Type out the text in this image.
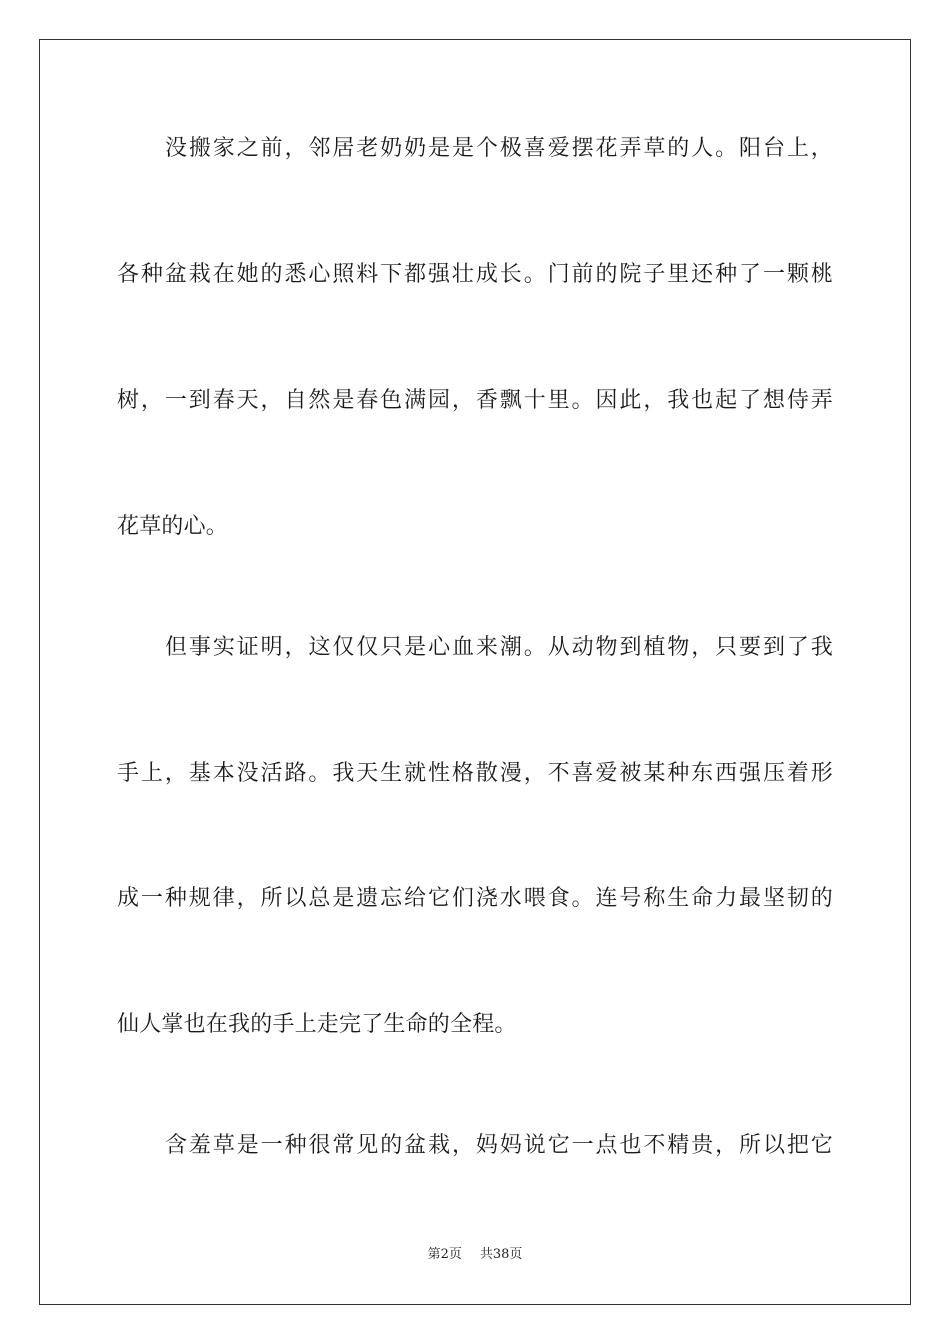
没搬家之前，邻居老奶奶是是个极喜爱摆花弄草的人。阳台上，
各种盆栽在她的悉心照料下都强壮成长。门前的院子里还种了一颗桃
树，一到春天，自然是春色满园，香飘十里。因此，我也起了想侍弄
花草的心。
但事实证明，这仅仅只是心血来潮。从动物到植物，只要到了我
手上，基本没活路。我天生就性格散漫，不喜爱被某种东西强压着形
成一种规律，所以总是遗忘给它们浇水喂食。连号称生命力最坚韧的
仙人掌也在我的手上走完了生命的全程。
含羞草是一种很常见的盆栽，妈妈说它一点也不精贵，所以把它
第2页 共38页
